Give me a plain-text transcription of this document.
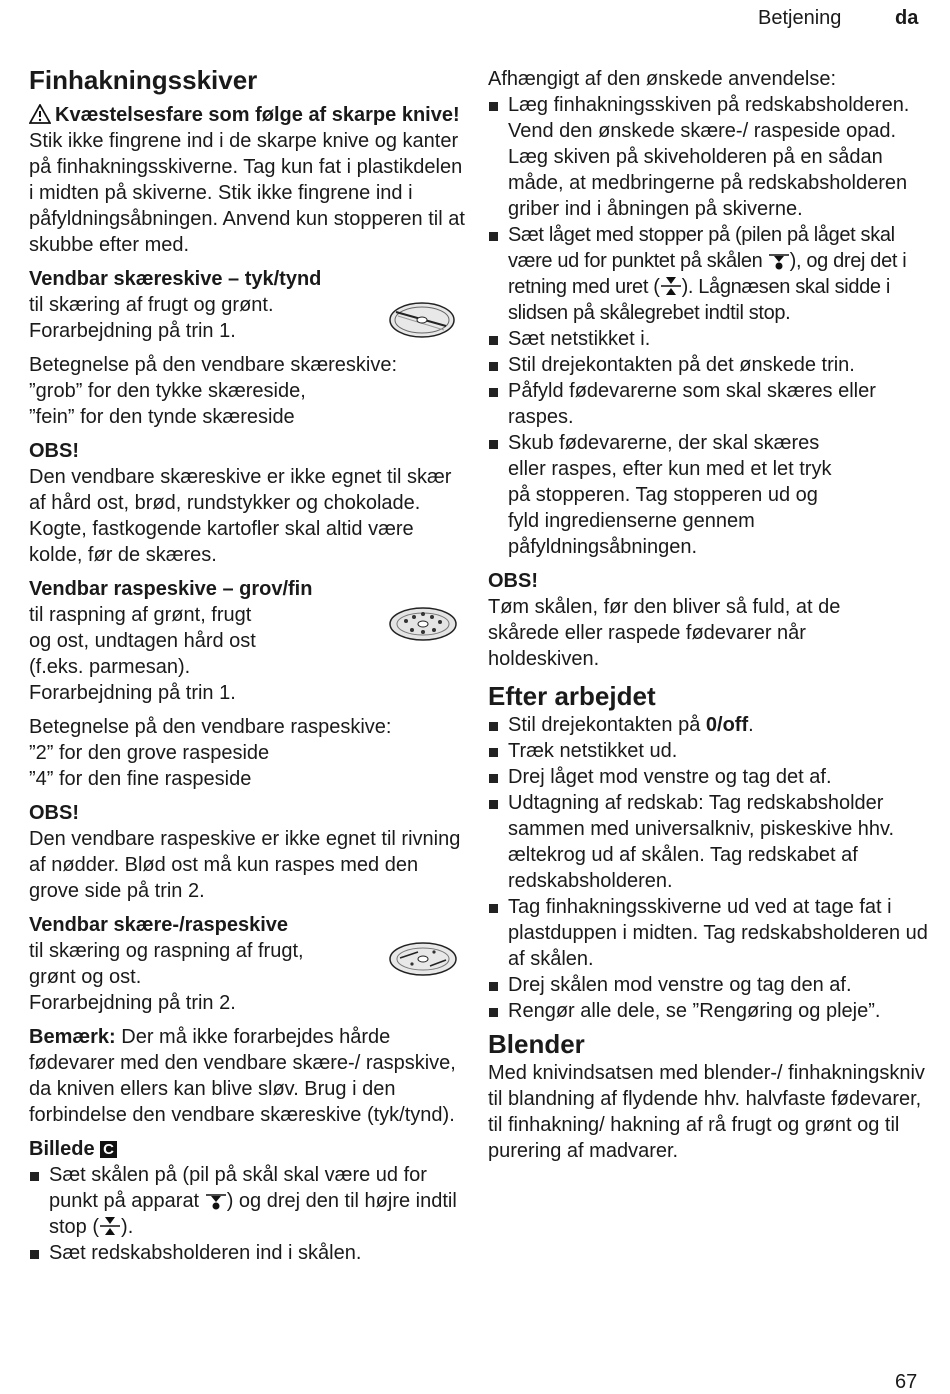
Betjening	da
Finhakningsskiver
Kvæstelsesfare som følge af skarpe knive!

Stik ikke fingrene ind i de skarpe knive og kanter på finhakningsskiverne. Tag kun fat i plastikdelen i midten på skiverne. Stik ikke fingrene ind i påfyldningsåbningen. Anvend kun stopperen til at skubbe efter med.

Vendbar skæreskive – tyk/tynd
til skæring af frugt og grønt.
Forarbejdning på trin 1.
Betegnelse på den vendbare skæreskive:
”grob” for den tykke skæreside,
”fein” for den tynde skæreside
OBS!
Den vendbare skæreskive er ikke egnet til skær af hård ost, brød, rundstykker og chokolade. Kogte, fastkogende kartofler skal altid være kolde, før de skæres.
Vendbar raspeskive – grov/fin
til raspning af grønt, frugt
og ost, undtagen hård ost
(f.eks. parmesan).
Forarbejdning på trin 1.
Betegnelse på den vendbare raspeskive:
”2” for den grove raspeside
”4” for den fine raspeside
OBS!
Den vendbare raspeskive er ikke egnet til rivning af nødder. Blød ost må kun raspes med den grove side på trin 2.
Vendbar skære-/raspeskive
til skæring og raspning af frugt,
grønt og ost.
Forarbejdning på trin 2.
Bemærk: Der må ikke forarbejdes hårde fødevarer med den vendbare skære-/ raspskive, da kniven ellers kan blive sløv. Brug i den forbindelse den vendbare skæreskive (tyk/tynd).
Billede C
Sæt skålen på (pil på skål skal være ud for punkt på apparat ) og drej den til højre indtil stop ( ).
Sæt redskabsholderen ind i skålen.
Afhængigt af den ønskede anvendelse:
Læg finhakningsskiven på redskabsholderen. Vend den ønskede skære-/ raspeside opad. Læg skiven på skiveholderen på en sådan måde, at medbringerne på redskabsholderen griber ind i åbningen på skiverne.
Sæt låget med stopper på (pilen på låget skal være ud for punktet på skålen ), og drej det i retning med uret ( ). Lågnæsen skal sidde i slidsen på skålegrebet indtil stop.
Sæt netstikket i.
Stil drejekontakten på det ønskede trin.
Påfyld fødevarerne som skal skæres eller raspes.
Skub fødevarerne, der skal skæres eller raspes, efter kun med et let tryk på stopperen. Tag stopperen ud og fyld ingredienserne gennem påfyldningsåbningen.
OBS!
Tøm skålen, før den bliver så fuld, at de skårede eller raspede fødevarer når holdeskiven.
Efter arbejdet
Stil drejekontakten på 0/off.
Træk netstikket ud.
Drej låget mod venstre og tag det af.
Udtagning af redskab: Tag redskabsholder sammen med universalkniv, piskeskive hhv. æltekrog ud af skålen. Tag redskabet af redskabsholderen.
Tag finhakningsskiverne ud ved at tage fat i plastduppen i midten. Tag redskabsholderen ud af skålen.
Drej skålen mod venstre og tag den af.
Rengør alle dele, se ”Rengøring og pleje”.
Blender
Med knivindsatsen med blender-/ finhakningskniv til blandning af flydende hhv. halvfaste fødevarer, til finhakning/ hakning af rå frugt og grønt og til purering af madvarer.
67
